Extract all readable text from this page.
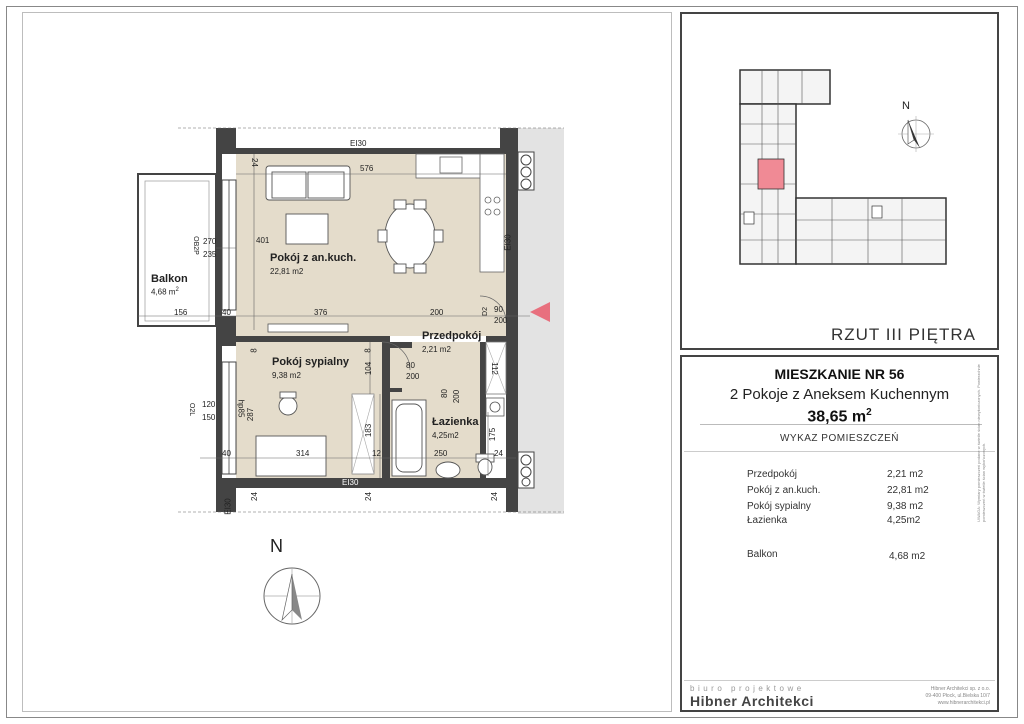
Pokój z an.kuch.
22,81 m2
Pokój sypialny
9,38 m2
Przedpokój
2,21 m2
Łazienka
4,25m2
Balkon
4,68 $m^2$
576
401
270
235
OB2P
156	40	376	200	90
200
D2
8	8
104	80
200
80 200
112
hp85 287
O2L 120
150
40	314	12
183
250
175
24
24
24	24	24
EI30
EI30
EI30
EI30
N
N
RZUT III PIĘTRA
MIESZKANIE NR 56
2 Pokoje z Aneksem Kuchennym
38,65 $m^2$
WYKAZ POMIESZCZEŃ
Przedpokój	2,21 m2
Pokój z an.kuch.	22,81 m2
Pokój sypialny	9,38 m2
Łazienka	4,25m2
Balkon	4,68 m2
UWAGA: Wymiary pomieszczeń podane w świetle ścian niewykończonych. Powierzchnie pomieszczeń w świetle ścian wykończonych.
biuro projektowe
Hibner Architekci
Hibner Architekci sp. z o.o.
09-400 Płock, ul.Bielska 10/7
www.hibnerarchitekci.pl
